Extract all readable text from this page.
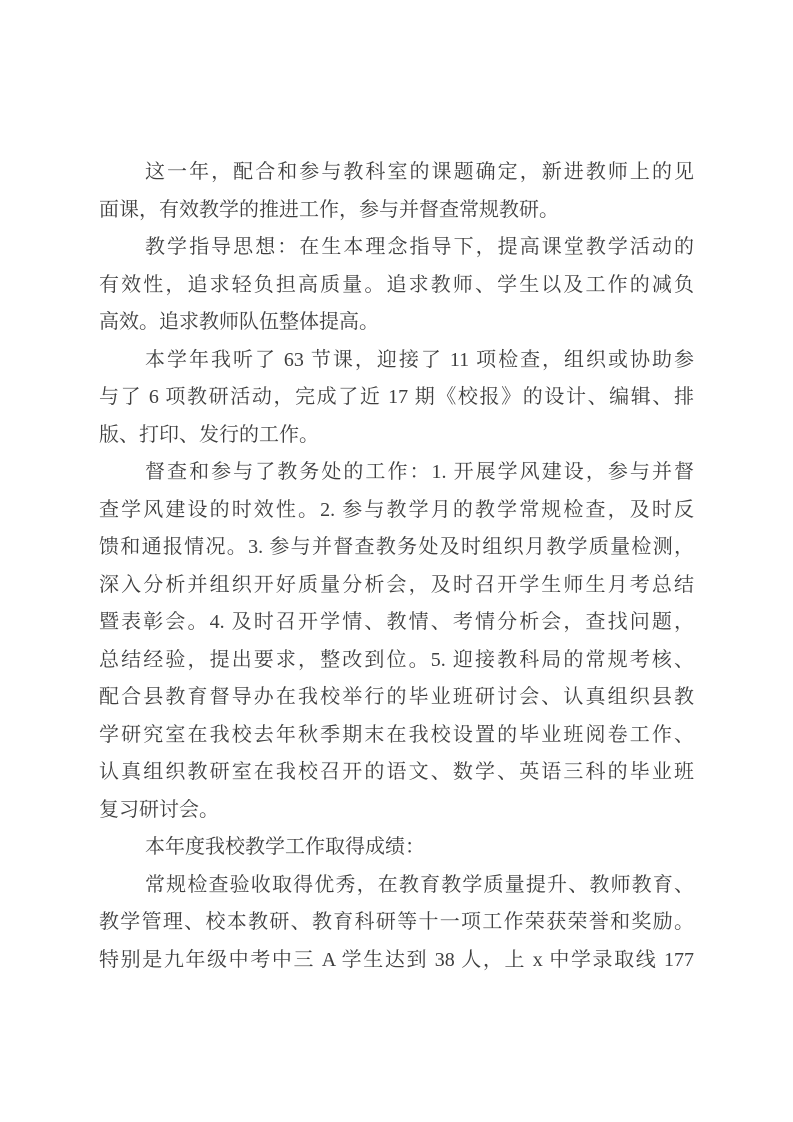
这一年，配合和参与教科室的课题确定，新进教师上的见
面课，有效教学的推进工作，参与并督查常规教研。
教学指导思想：在生本理念指导下，提高课堂教学活动的
有效性，追求轻负担高质量。追求教师、学生以及工作的减负
高效。追求教师队伍整体提高。
本学年我听了 63 节课，迎接了 11 项检查，组织或协助参
与了 6 项教研活动，完成了近 17 期《校报》的设计、编辑、排
版、打印、发行的工作。
督查和参与了教务处的工作：1. 开展学风建设，参与并督
查学风建设的时效性。2. 参与教学月的教学常规检查，及时反
馈和通报情况。3. 参与并督查教务处及时组织月教学质量检测，
深入分析并组织开好质量分析会，及时召开学生师生月考总结
暨表彰会。4. 及时召开学情、教情、考情分析会，查找问题，
总结经验，提出要求，整改到位。5. 迎接教科局的常规考核、
配合县教育督导办在我校举行的毕业班研讨会、认真组织县教
学研究室在我校去年秋季期末在我校设置的毕业班阅卷工作、
认真组织教研室在我校召开的语文、数学、英语三科的毕业班
复习研讨会。
本年度我校教学工作取得成绩：
常规检查验收取得优秀，在教育教学质量提升、教师教育、
教学管理、校本教研、教育科研等十一项工作荣获荣誉和奖励。
特别是九年级中考中三 A 学生达到 38 人，上 x 中学录取线 177
